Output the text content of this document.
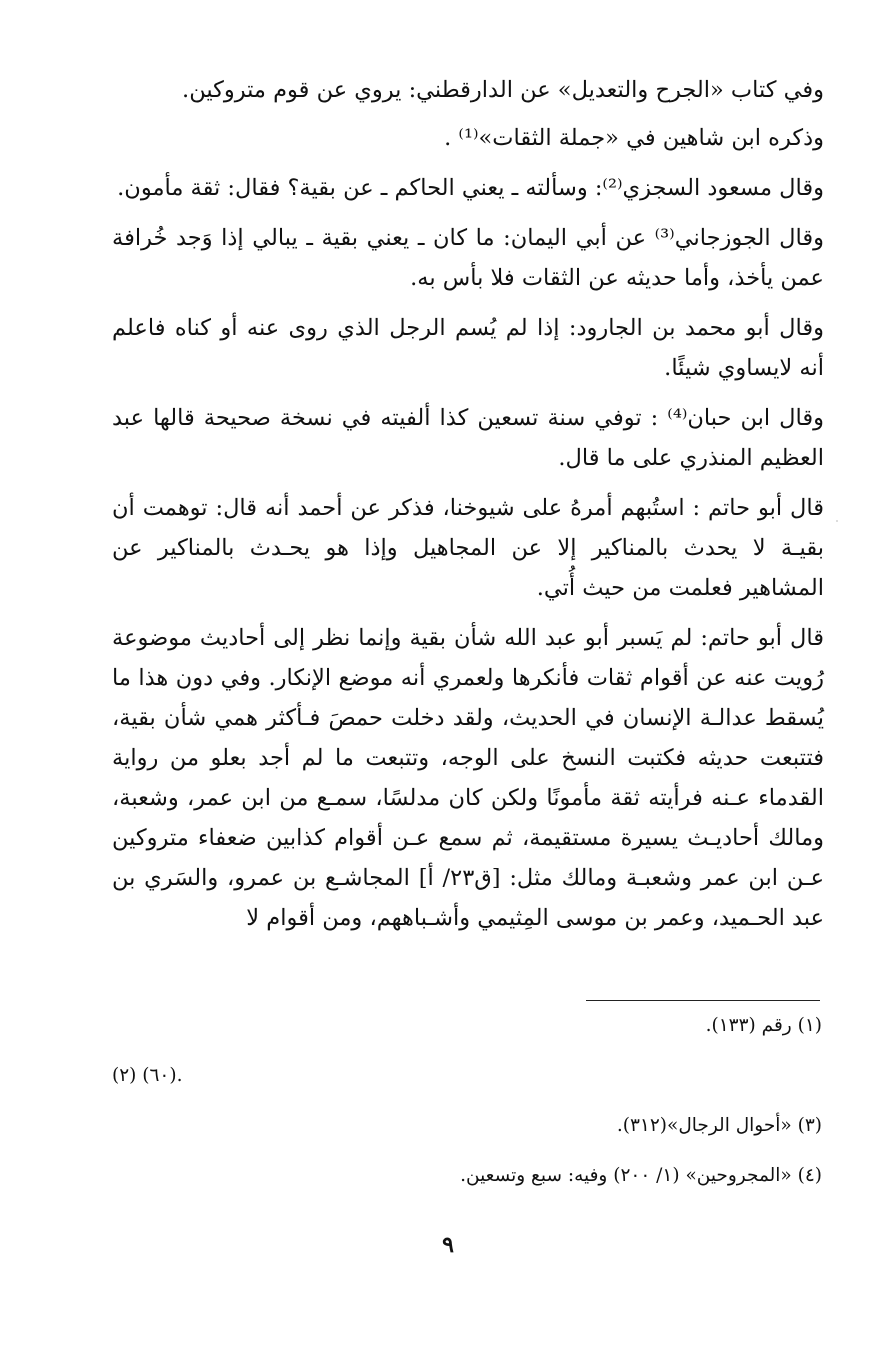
وفي كتاب «الجرح والتعديل» عن الدارقطني: يروي عن قوم متروكين.

وذكره ابن شاهين في «جملة الثقات»⁽¹⁾ .

وقال مسعود السجزي⁽²⁾: وسألته ـ يعني الحاكم ـ عن بقية؟ فقال: ثقة مأمون.

وقال الجوزجاني⁽³⁾ عن أبي اليمان: ما كان ـ يعني بقية ـ يبالي إذا وَجد خُرافة عمن يأخذ، وأما حديثه عن الثقات فلا بأس به.

وقال أبو محمد بن الجارود: إذا لم يُسم الرجل الذي روى عنه أو كناه فاعلم أنه لايساوي شيئًا.

وقال ابن حبان⁽⁴⁾ : توفي سنة تسعين كذا ألفيته في نسخة صحيحة قالها عبد العظيم المنذري على ما قال.

قال أبو حاتم : استُبهم أمرهُ على شيوخنا، فذكر عن أحمد أنه قال: توهمت أن بقيـة لا يحدث بالمناكير إلا عن المجاهيل وإذا هو يحـدث بالمناكير عن المشاهير فعلمت من حيث أُتي.

قال أبو حاتم: لم يَسبر أبو عبد الله شأن بقية وإنما نظر إلى أحاديث موضوعة رُويت عنه عن أقوام ثقات فأنكرها ولعمري أنه موضع الإنكار. وفي دون هذا ما يُسقط عدالـة الإنسان في الحديث، ولقد دخلت حمصَ فـأكثر همي شأن بقية، فتتبعت حديثه فكتبت النسخ على الوجه، وتتبعت ما لم أجد بعلو من رواية القدماء عـنه فرأيته ثقة مأمونًا ولكن كان مدلسًا، سمـع من ابن عمر، وشعبة، ومالك أحاديـث يسيرة مستقيمة، ثم سمع عـن أقوام كذابين ضعفاء متروكين عـن ابن عمر وشعبـة ومالك مثل: [ق٢٣/ أ] المجاشـع بن عمرو، والسَري بن عبد الحـميد، وعمر بن موسى المِثيمي وأشـباههم، ومن أقوام لا

(١) رقم (١٣٣).
(٢) (٦٠).
(٣) «أحوال الرجال»(٣١٢).
(٤) «المجروحين» (١/ ٢٠٠) وفيه: سبع وتسعين.
٩
